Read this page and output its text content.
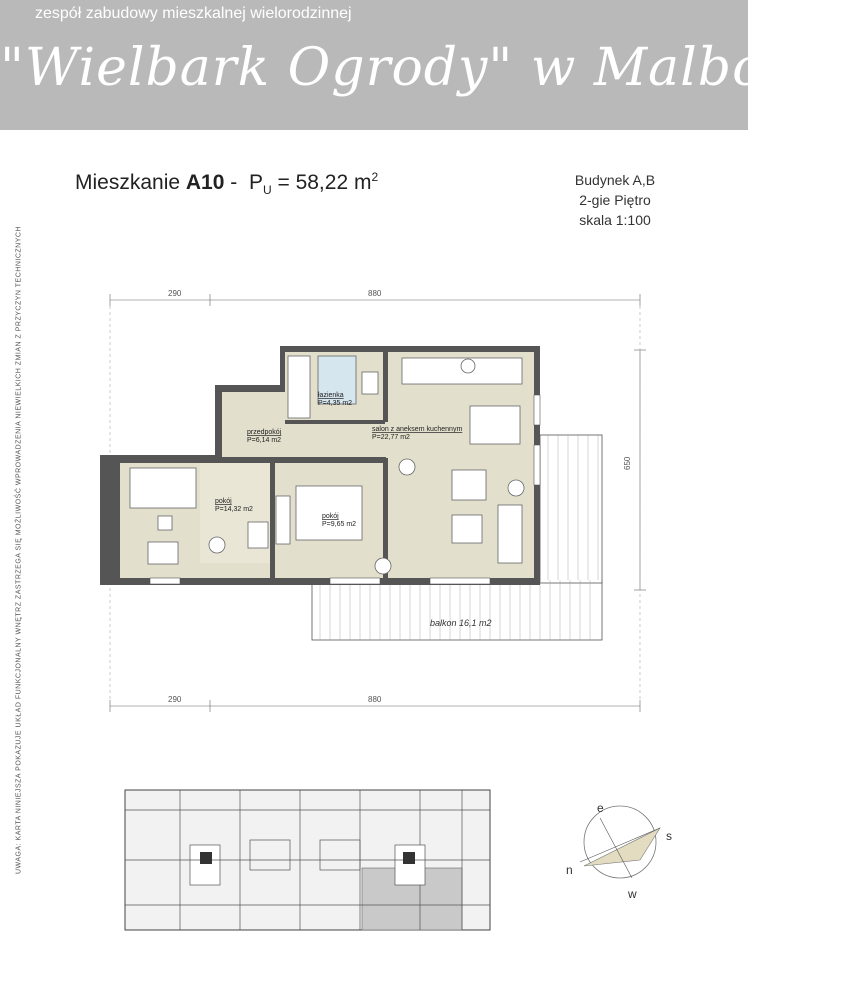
zespół zabudowy mieszkalnej wielorodzinnej
"Wielbark Ogrody" w Malborku
Mieszkanie $A10 - P_U = 58,22$ $m^2$	Budynek A,B
2-gie Piętro
skala 1:100
UWAGA: KARTA NINIEJSZA POKAZUJE UKŁAD FUNKCJONALNY WNĘTRZ ZASTRZEGA SIĘ MOŻLIWOŚĆ WPROWADZENIA NIEWIELKICH ZMIAN Z PRZYCZYN TECHNICZNYCH	290	880
290	880
650
balkon 16,1 m2
łazienka
P=4,35 m2
przedpokój
P=6,14 m2
salon z aneksem kuchennym
P=22,77 m2
pokój
P=14,32 m2
pokój
P=9,65 m2
e
s
n
w
